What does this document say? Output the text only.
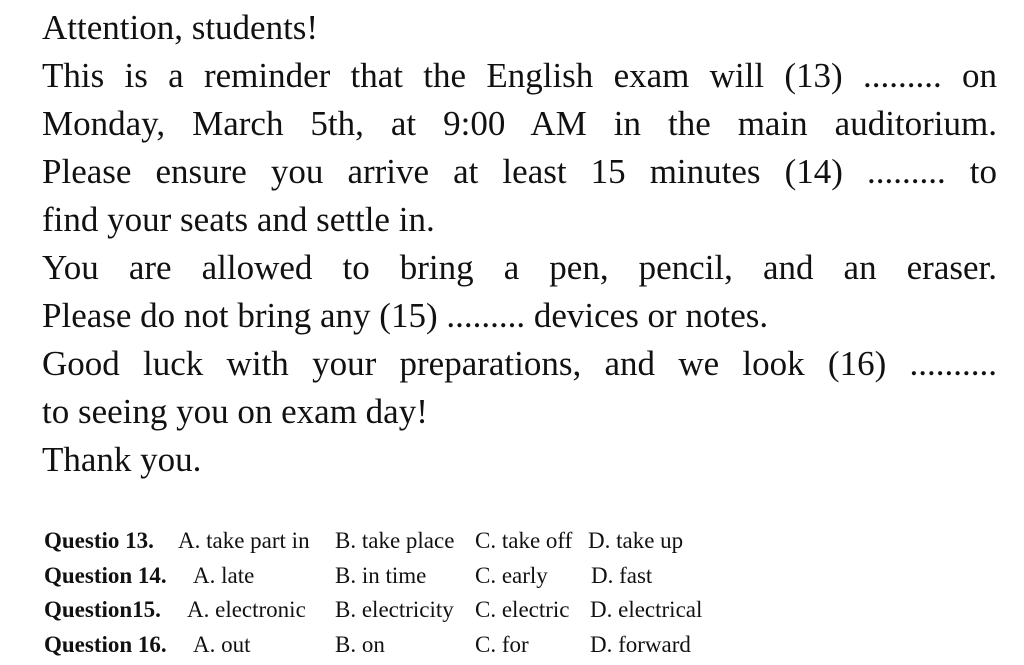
Attention, students!
This is a reminder that the English exam will (13) ......... on
Monday, March 5th, at 9:00 AM in the main auditorium.
Please ensure you arrive at least 15 minutes (14) ......... to
find your seats and settle in.
You are allowed to bring a pen, pencil, and an eraser.
Please do not bring any (15) ......... devices or notes.
Good luck with your preparations, and we look (16) ..........
to seeing you on exam day!
Thank you.
Questio 13. A. take part in B. take place C. take off D. take up
Question 14. A. late	B. in time C. early D. fast
Question15. A. electronic B. electricity C. electric D. electrical
Question 16. A. out	B. on	C. for	D. forward
